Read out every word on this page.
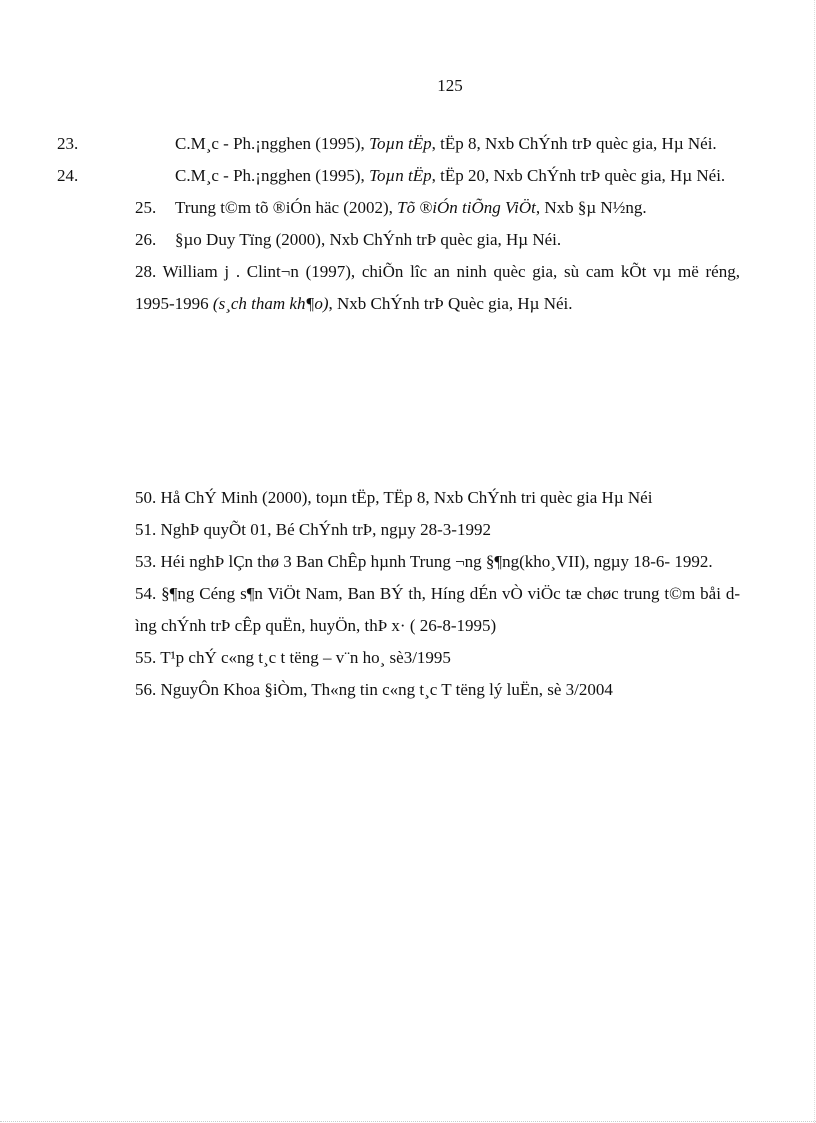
125

23.	C.M¸c - Ph.¡ngghen (1995), Toµn tËp, tËp 8, Nxb ChÝnh trÞ quèc gia, Hµ Néi.

24.	C.M¸c - Ph.¡ngghen (1995), Toµn tËp, tËp 20, Nxb ChÝnh trÞ quèc gia, Hµ Néi.

25. Trung t©m tõ ®iÓn häc (2002), Tõ ®iÓn tiÕng ViÖt, Nxb §µ N½ng.

26. §µo Duy Tïng (2000), Nxb ChÝnh trÞ quèc gia, Hµ Néi.

28. William j . Clint¬n (1997), chiÕn lîc an ninh quèc gia, sù cam kÕt vµ më réng, 1995-1996 (s¸ch tham kh¶o), Nxb ChÝnh trÞ Quèc gia, Hµ Néi.

50. Hå ChÝ Minh (2000), toµn tËp, TËp 8, Nxb ChÝnh tri quèc gia Hµ Néi

51. NghÞ quyÕt 01, Bé ChÝnh trÞ, ngµy 28-3-1992

53. Héi nghÞ lÇn thø 3 Ban ChÊp hµnh Trung ¬ng §¶ng(kho¸VII), ngµy 18-6- 1992.

54. §¶ng Céng s¶n ViÖt Nam, Ban BÝ th, Híng dÉn vÒ viÖc tæ chøc trung t©m båi dìng chÝnh trÞ cÊp quËn, huyÖn, thÞ x· ( 26-8-1995)

55. T¹p chÝ c«ng t¸c t tëng – v¨n ho¸ sè3/1995

56. NguyÔn Khoa §iÒm, Th«ng tin c«ng t¸c T tëng lý luËn, sè 3/2004
